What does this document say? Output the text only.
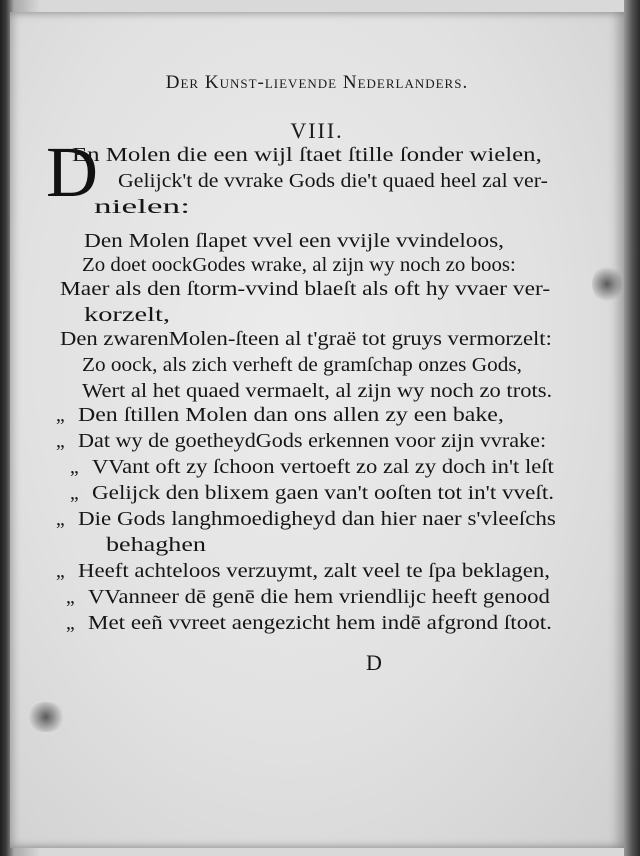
Der Kunst-lievende Nederlanders.
VIII.
D
En Molen die een wijl ſtaet ſtille ſonder wielen,
Gelijck't de vvrake Gods die't quaed heel zal ver-
nielen:
Den Molen ſlapet vvel een vvijle vvindeloos,
Zo doet oockGodes wrake, al zijn wy noch zo boos:
Maer als den ſtorm-vvind blaeſt als oft hy vvaer ver-
korzelt,
Den zwarenMolen-ſteen al t'graë tot gruys vermorzelt:
Zo oock, als zich verheft de gramſchap onzes Gods,
Wert al het quaed vermaelt, al zijn wy noch zo trots.
„ Den ſtillen Molen dan ons allen zy een bake,
„ Dat wy de goetheydGods erkennen voor zijn vvrake:
„ VVant oft zy ſchoon vertoeft zo zal zy doch in't leſt
„ Gelijck den blixem gaen van't ooſten tot in't vveſt.
„ Die Gods langhmoedigheyd dan hier naer s'vleeſchs
behaghen
„ Heeft achteloos verzuymt, zalt veel te ſpa beklagen,
„ VVanneer dē genē die hem vriendlijc heeft genood
„ Met eeñ vvreet aengezicht hem indē afgrond ſtoot.
D
